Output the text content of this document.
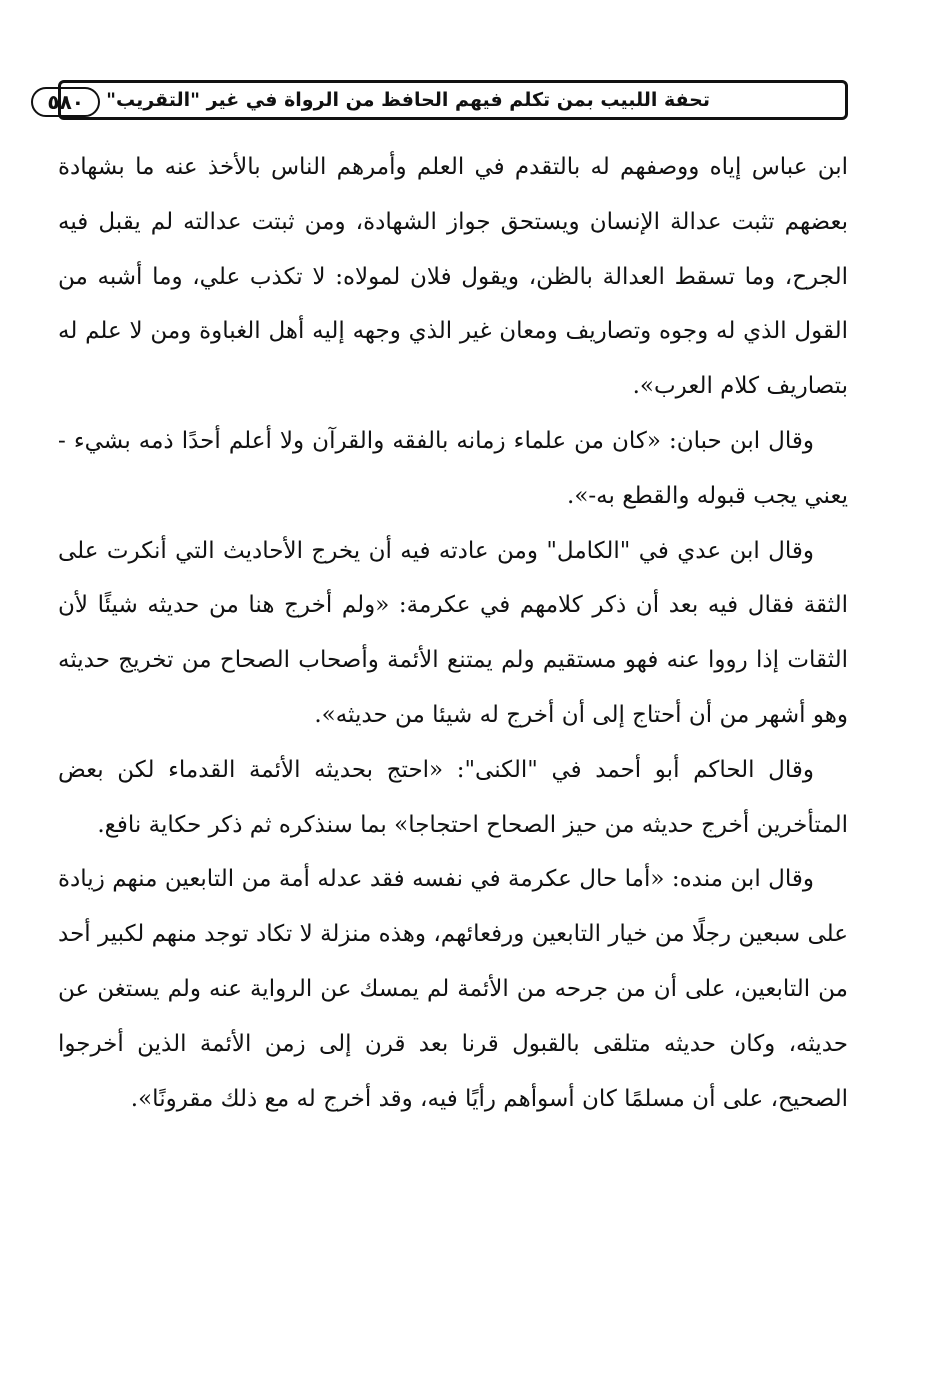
٥٨٠	تحفة اللبيب بمن تكلم فيهم الحافظ من الرواة في غير "التقريب"

ابن عباس إياه ووصفهم له بالتقدم في العلم وأمرهم الناس بالأخذ عنه ما بشهادة بعضهم تثبت عدالة الإنسان ويستحق جواز الشهادة، ومن ثبتت عدالته لم يقبل فيه الجرح، وما تسقط العدالة بالظن، ويقول فلان لمولاه: لا تكذب علي، وما أشبه من القول الذي له وجوه وتصاريف ومعان غير الذي وجهه إليه أهل الغباوة ومن لا علم له بتصاريف كلام العرب».

وقال ابن حبان: «كان من علماء زمانه بالفقه والقرآن ولا أعلم أحدًا ذمه بشيء - يعني يجب قبوله والقطع به-».

وقال ابن عدي في "الكامل" ومن عادته فيه أن يخرج الأحاديث التي أنكرت على الثقة فقال فيه بعد أن ذكر كلامهم في عكرمة: «ولم أخرج هنا من حديثه شيئًا لأن الثقات إذا رووا عنه فهو مستقيم ولم يمتنع الأئمة وأصحاب الصحاح من تخريج حديثه وهو أشهر من أن أحتاج إلى أن أخرج له شيئا من حديثه».

وقال الحاكم أبو أحمد في "الكنى": «احتج بحديثه الأئمة القدماء لكن بعض المتأخرين أخرج حديثه من حيز الصحاح احتجاجا» بما سنذكره ثم ذكر حكاية نافع.

وقال ابن منده: «أما حال عكرمة في نفسه فقد عدله أمة من التابعين منهم زيادة على سبعين رجلًا من خيار التابعين ورفعائهم، وهذه منزلة لا تكاد توجد منهم لكبير أحد من التابعين، على أن من جرحه من الأئمة لم يمسك عن الرواية عنه ولم يستغن عن حديثه، وكان حديثه متلقى بالقبول قرنا بعد قرن إلى زمن الأئمة الذين أخرجوا الصحيح، على أن مسلمًا كان أسوأهم رأيًا فيه، وقد أخرج له مع ذلك مقرونًا».
